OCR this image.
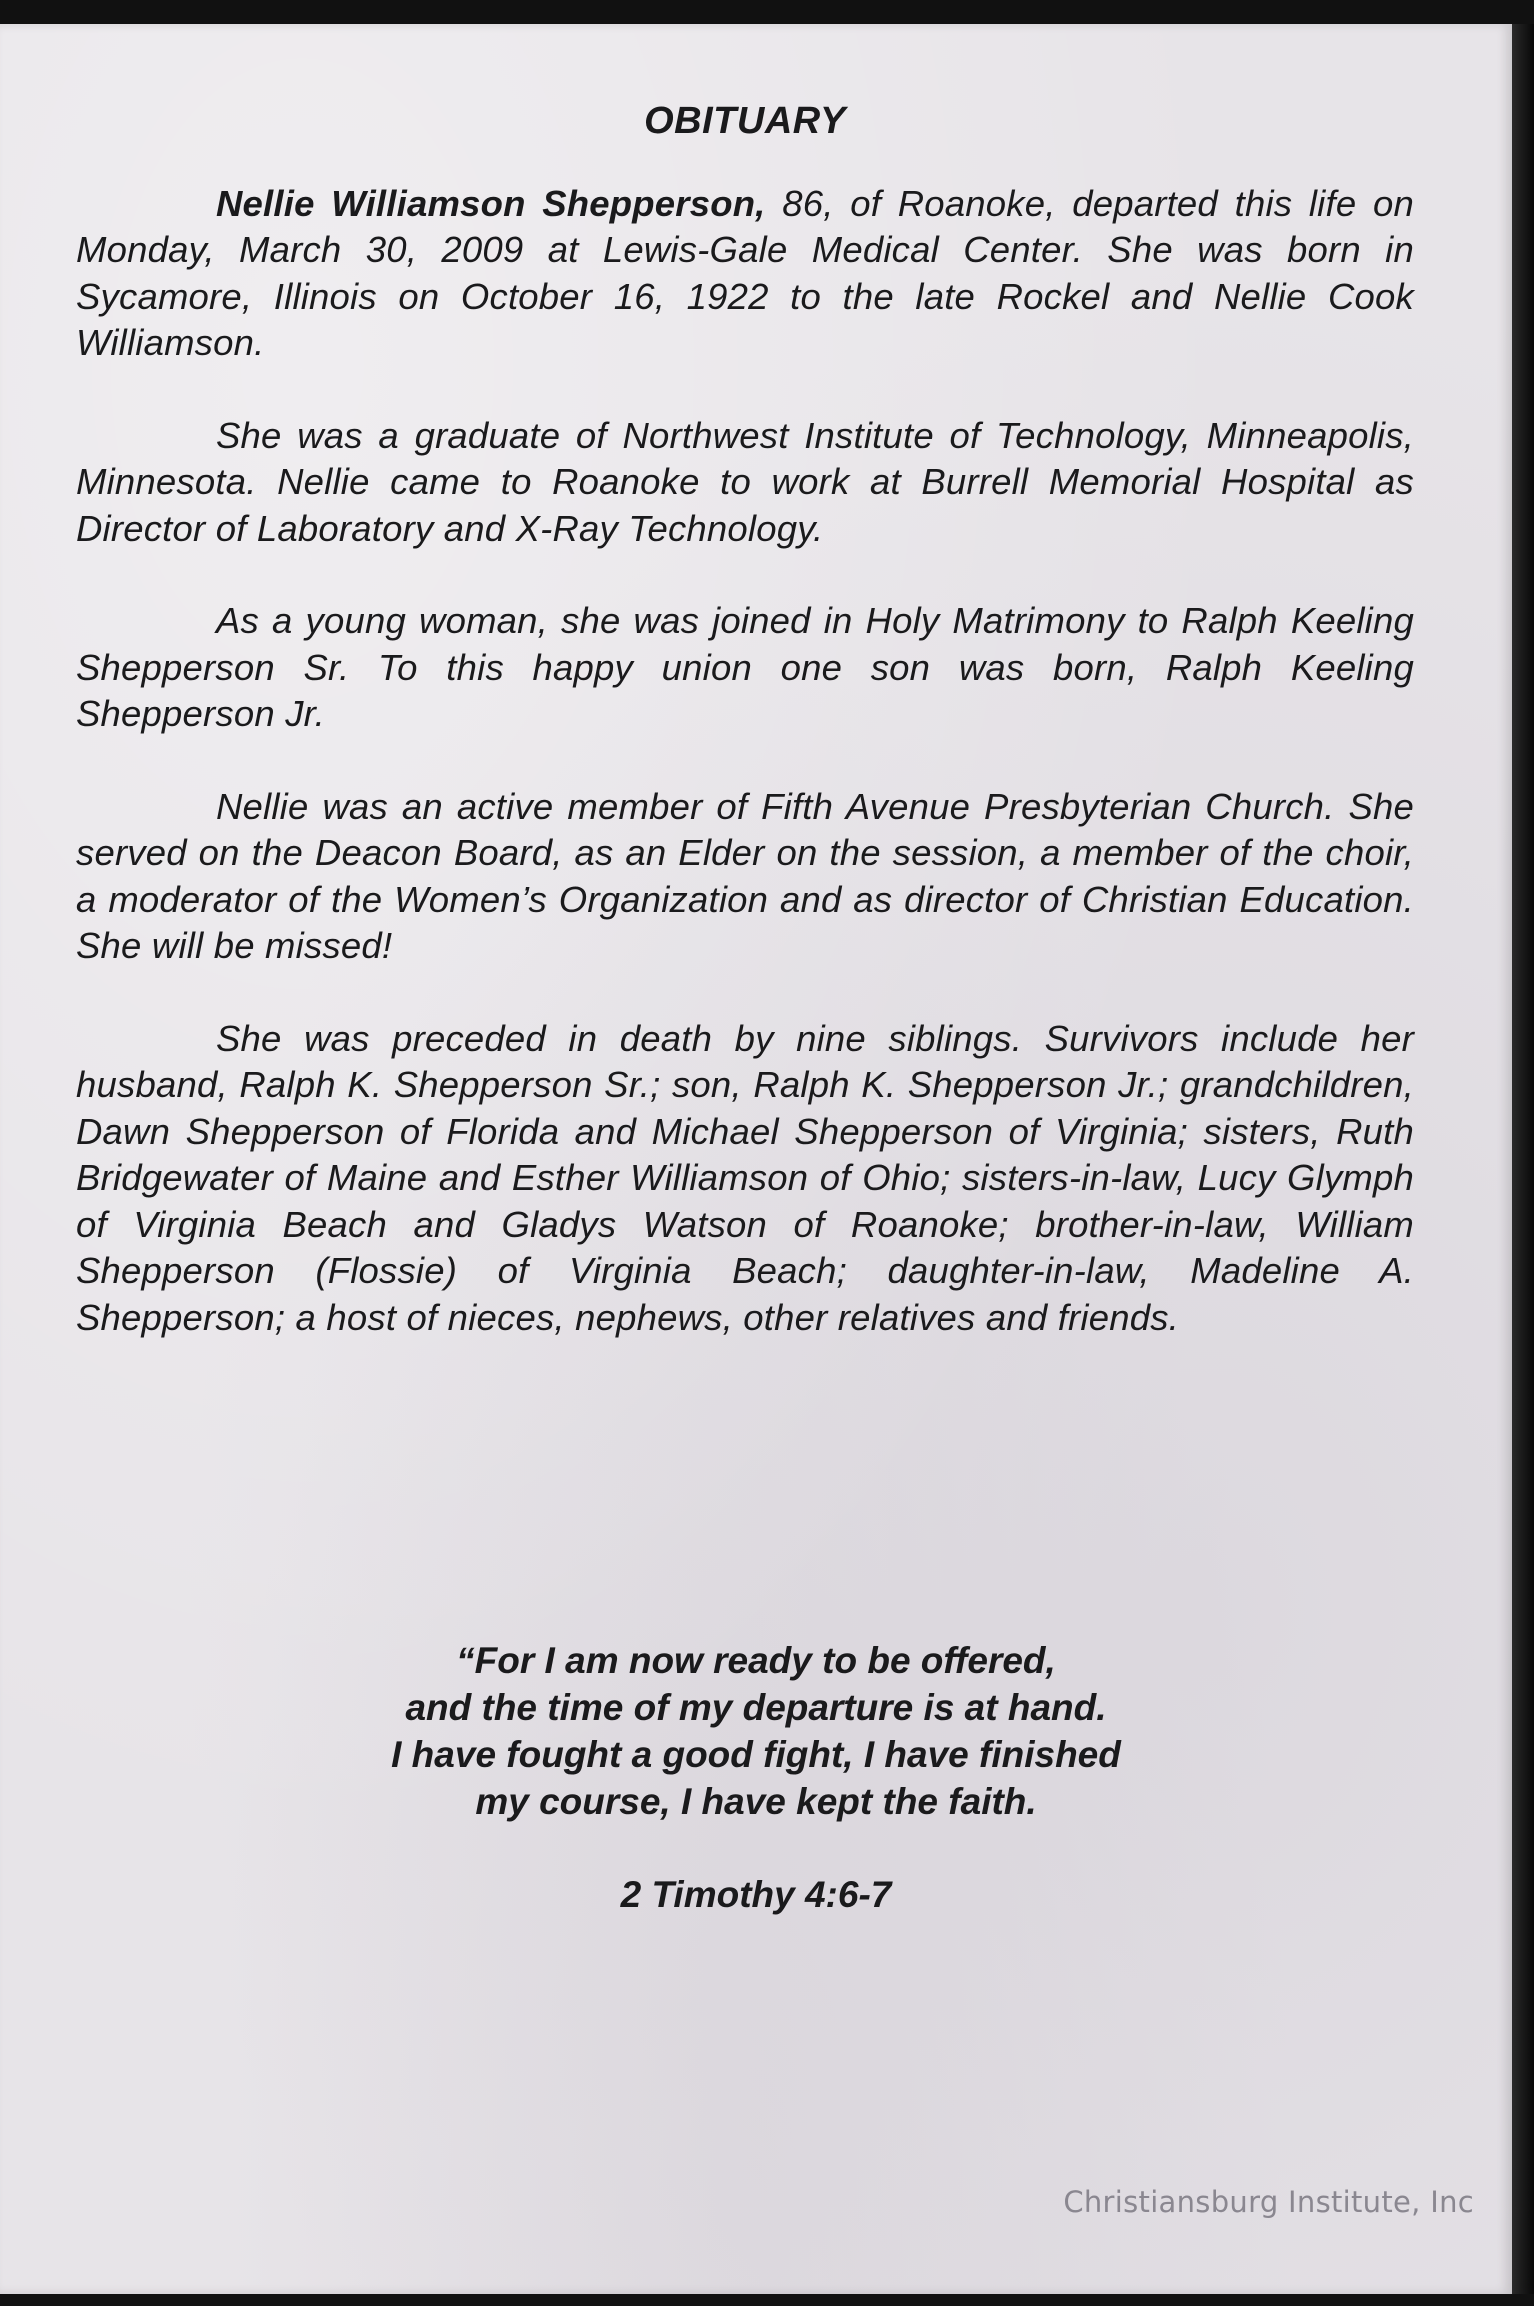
OBITUARY

Nellie Williamson Shepperson, 86, of Roanoke, departed this life on Monday, March 30, 2009 at Lewis-Gale Medical Center. She was born in Sycamore, Illinois on October 16, 1922 to the late Rockel and Nellie Cook Williamson.

She was a graduate of Northwest Institute of Technology, Minneapolis, Minnesota. Nellie came to Roanoke to work at Burrell Memorial Hospital as Director of Laboratory and X-Ray Technology.

As a young woman, she was joined in Holy Matrimony to Ralph Keeling Shepperson Sr. To this happy union one son was born, Ralph Keeling Shepperson Jr.

Nellie was an active member of Fifth Avenue Presbyterian Church. She served on the Deacon Board, as an Elder on the session, a member of the choir, a moderator of the Women’s Organization and as director of Christian Education. She will be missed!

She was preceded in death by nine siblings. Survivors include her husband, Ralph K. Shepperson Sr.; son, Ralph K. Shepperson Jr.; grandchildren, Dawn Shepperson of Florida and Michael Shepperson of Virginia; sisters, Ruth Bridgewater of Maine and Esther Williamson of Ohio; sisters-in-law, Lucy Glymph of Virginia Beach and Gladys Watson of Roanoke; brother-in-law, William Shepperson (Flossie) of Virginia Beach; daughter-in-law, Madeline A. Shepperson; a host of nieces, nephews, other relatives and friends.

“For I am now ready to be offered,
and the time of my departure is at hand.
I have fought a good fight, I have finished
my course, I have kept the faith.
2 Timothy 4:6-7
Christiansburg Institute, Inc
